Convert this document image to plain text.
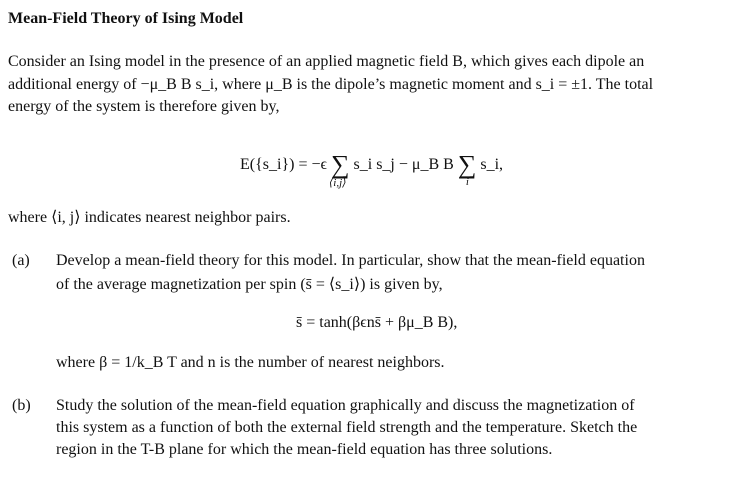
Mean-Field Theory of Ising Model
Consider an Ising model in the presence of an applied magnetic field B, which gives each dipole an
additional energy of −μ_B B s_i, where μ_B is the dipole’s magnetic moment and s_i = ±1. The total
energy of the system is therefore given by,
E({s_i}) = −ϵ ∑
⟨i,j⟩
s_i s_j − μ_B B ∑
i
s_i,
where ⟨i, j⟩ indicates nearest neighbor pairs.
(a) Develop a mean-field theory for this model. In particular, show that the mean-field equation
of the average magnetization per spin (s̄ = ⟨s_i⟩) is given by,
s̄ = tanh(βϵns̄ + βμ_B B),
where β = 1/k_B T and n is the number of nearest neighbors.
(b) Study the solution of the mean-field equation graphically and discuss the magnetization of
this system as a function of both the external field strength and the temperature. Sketch the
region in the T-B plane for which the mean-field equation has three solutions.
